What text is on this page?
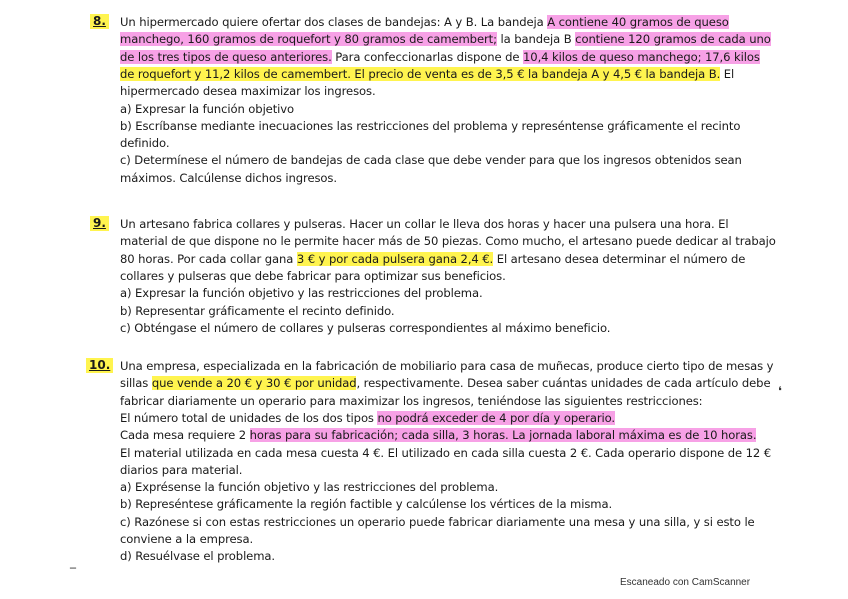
8. Un hipermercado quiere ofertar dos clases de bandejas: A y B. La bandeja A contiene 40 gramos de queso
manchego, 160 gramos de roquefort y 80 gramos de camembert; la bandeja B contiene 120 gramos de cada uno
de los tres tipos de queso anteriores. Para confeccionarlas dispone de 10,4 kilos de queso manchego; 17,6 kilos
de roquefort y 11,2 kilos de camembert. El precio de venta es de 3,5 € la bandeja A y 4,5 € la bandeja B. El
hipermercado desea maximizar los ingresos.
a) Expresar la función objetivo
b) Escríbanse mediante inecuaciones las restricciones del problema y represéntense gráficamente el recinto
definido.
c) Determínese el número de bandejas de cada clase que debe vender para que los ingresos obtenidos sean
máximos. Calcúlense dichos ingresos.
9. Un artesano fabrica collares y pulseras. Hacer un collar le lleva dos horas y hacer una pulsera una hora. El
material de que dispone no le permite hacer más de 50 piezas. Como mucho, el artesano puede dedicar al trabajo
80 horas. Por cada collar gana 3 € y por cada pulsera gana 2,4 €. El artesano desea determinar el número de
collares y pulseras que debe fabricar para optimizar sus beneficios.
a) Expresar la función objetivo y las restricciones del problema.
b) Representar gráficamente el recinto definido.
c) Obténgase el número de collares y pulseras correspondientes al máximo beneficio.
10. Una empresa, especializada en la fabricación de mobiliario para casa de muñecas, produce cierto tipo de mesas y
sillas que vende a 20 € y 30 € por unidad, respectivamente. Desea saber cuántas unidades de cada artículo debe
fabricar diariamente un operario para maximizar los ingresos, teniéndose las siguientes restricciones:
El número total de unidades de los dos tipos no podrá exceder de 4 por día y operario.
Cada mesa requiere 2 horas para su fabricación; cada silla, 3 horas. La jornada laboral máxima es de 10 horas.
El material utilizada en cada mesa cuesta 4 €. El utilizado en cada silla cuesta 2 €. Cada operario dispone de 12 €
diarios para material.
a) Exprésense la función objetivo y las restricciones del problema.
b) Represéntese gráficamente la región factible y calcúlense los vértices de la misma.
c) Razónese si con estas restricciones un operario puede fabricar diariamente una mesa y una silla, y si esto le
conviene a la empresa.
d) Resuélvase el problema.
❛
‾
Escaneado con CamScanner
